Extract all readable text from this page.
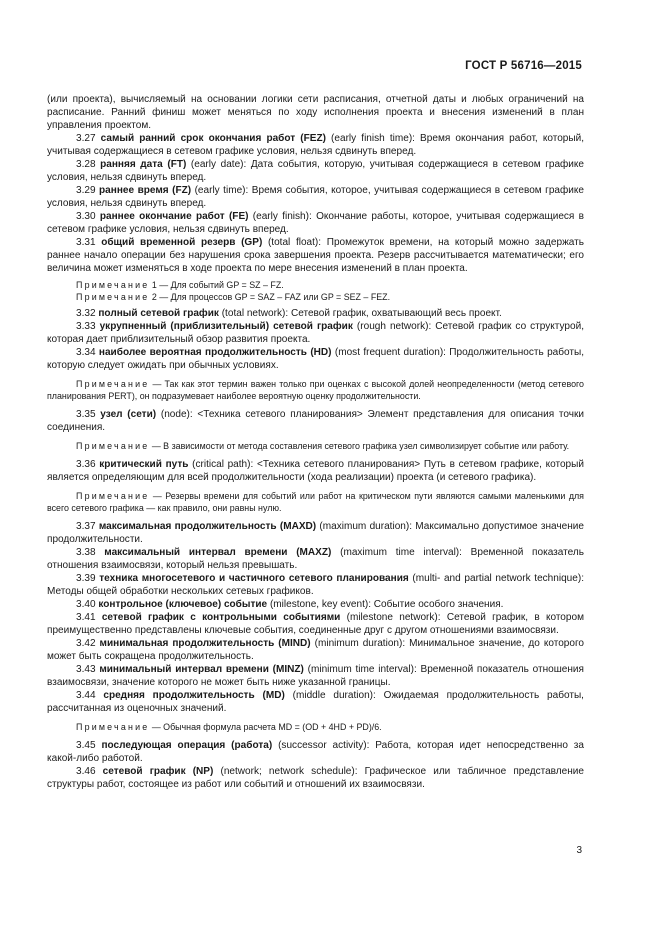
ГОСТ Р 56716—2015

(или проекта), вычисляемый на основании логики сети расписания, отчетной даты и любых ограничений на расписание. Ранний финиш может меняться по ходу исполнения проекта и внесения изменений в план управления проектом.

3.27 самый ранний срок окончания работ (FEZ) (early finish time): Время окончания работ, который, учитывая содержащиеся в сетевом графике условия, нельзя сдвинуть вперед.

3.28 ранняя дата (FT) (early date): Дата события, которую, учитывая содержащиеся в сетевом графике условия, нельзя сдвинуть вперед.

3.29 раннее время (FZ) (early time): Время события, которое, учитывая содержащиеся в сетевом графике условия, нельзя сдвинуть вперед.

3.30 раннее окончание работ (FE) (early finish): Окончание работы, которое, учитывая содержащиеся в сетевом графике условия, нельзя сдвинуть вперед.

3.31 общий временной резерв (GP) (total float): Промежуток времени, на который можно задержать раннее начало операции без нарушения срока завершения проекта. Резерв рассчитывается математически; его величина может изменяться в ходе проекта по мере внесения изменений в план проекта.

Примечание 1 — Для событий GP = SZ – FZ.

Примечание 2 — Для процессов GP = SAZ – FAZ или GP = SEZ – FEZ.

3.32 полный сетевой график (total network): Сетевой график, охватывающий весь проект.

3.33 укрупненный (приблизительный) сетевой график (rough network): Сетевой график со структурой, которая дает приблизительный обзор развития проекта.

3.34 наиболее вероятная продолжительность (HD) (most frequent duration): Продолжительность работы, которую следует ожидать при обычных условиях.

Примечание — Так как этот термин важен только при оценках с высокой долей неопределенности (метод сетевого планирования PERT), он подразумевает наиболее вероятную оценку продолжительности.

3.35 узел (сети) (node): <Техника сетевого планирования> Элемент представления для описания точки соединения.

Примечание — В зависимости от метода составления сетевого графика узел символизирует событие или работу.

3.36 критический путь (critical path): <Техника сетевого планирования> Путь в сетевом графике, который является определяющим для всей продолжительности (хода реализации) проекта (и сетевого графика).

Примечание — Резервы времени для событий или работ на критическом пути являются самыми маленькими для всего сетевого графика — как правило, они равны нулю.

3.37 максимальная продолжительность (MAXD) (maximum duration): Максимально допустимое значение продолжительности.

3.38 максимальный интервал времени (MAXZ) (maximum time interval): Временной показатель отношения взаимосвязи, который нельзя превышать.

3.39 техника многосетевого и частичного сетевого планирования (multi- and partial network technique): Методы общей обработки нескольких сетевых графиков.

3.40 контрольное (ключевое) событие (milestone, key event): Событие особого значения.

3.41 сетевой график с контрольными событиями (milestone network): Сетевой график, в котором преимущественно представлены ключевые события, соединенные друг с другом отношениями взаимосвязи.

3.42 минимальная продолжительность (MIND) (minimum duration): Минимальное значение, до которого может быть сокращена продолжительность.

3.43 минимальный интервал времени (MINZ) (minimum time interval): Временной показатель отношения взаимосвязи, значение которого не может быть ниже указанной границы.

3.44 средняя продолжительность (MD) (middle duration): Ожидаемая продолжительность работы, рассчитанная из оценочных значений.

Примечание — Обычная формула расчета MD = (OD + 4HD + PD)/6.

3.45 последующая операция (работа) (successor activity): Работа, которая идет непосредственно за какой-либо работой.

3.46 сетевой график (NP) (network; network schedule): Графическое или табличное представление структуры работ, состоящее из работ или событий и отношений их взаимосвязи.

3
